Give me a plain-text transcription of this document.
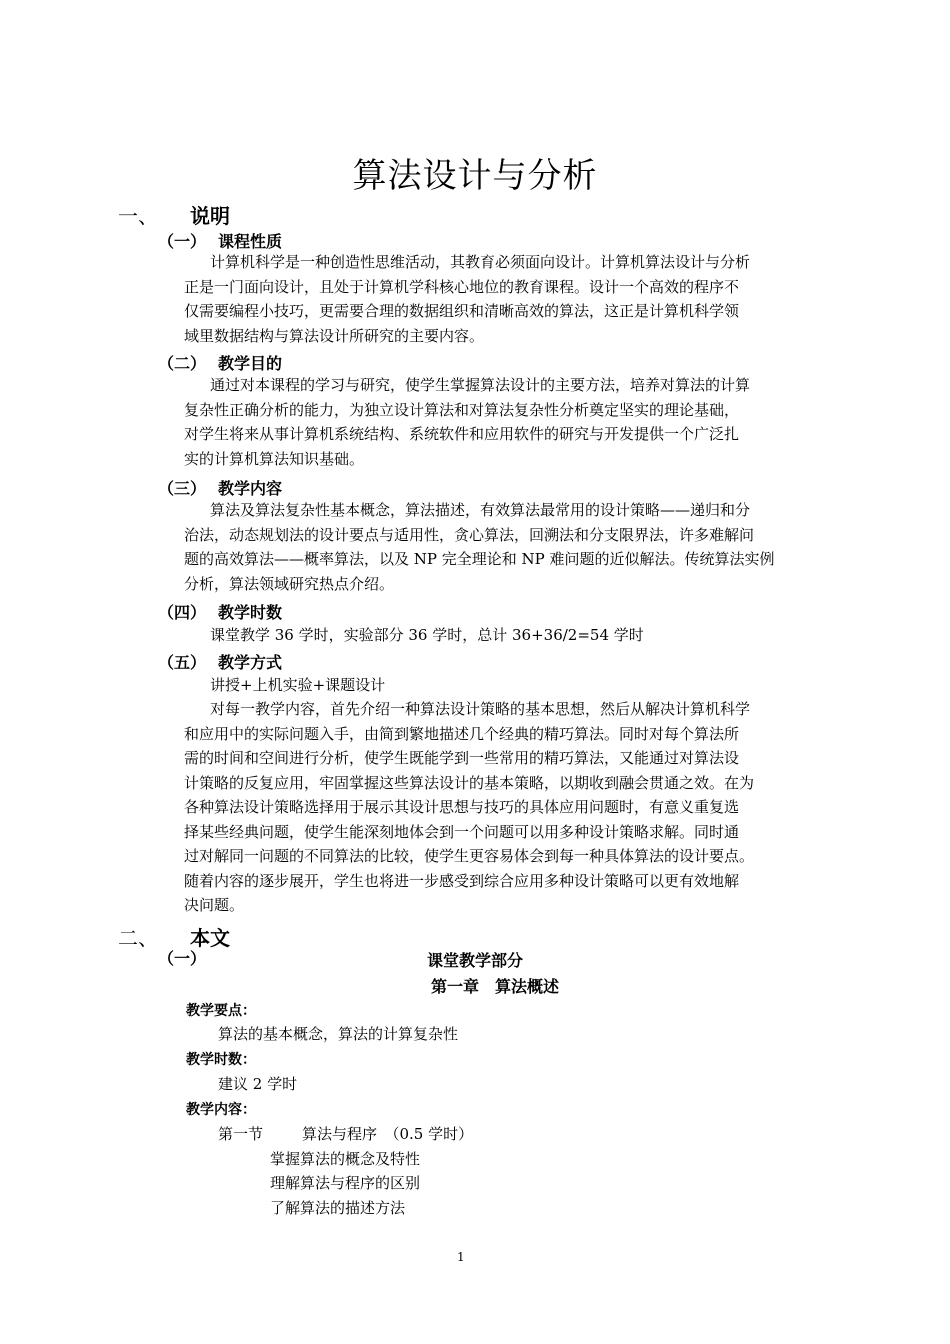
算法设计与分析
一、 说明
（一） 课程性质
计算机科学是一种创造性思维活动，其教育必须面向设计。计算机算法设计与分析
正是一门面向设计，且处于计算机学科核心地位的教育课程。设计一个高效的程序不
仅需要编程小技巧，更需要合理的数据组织和清晰高效的算法，这正是计算机科学领
域里数据结构与算法设计所研究的主要内容。
（二） 教学目的
通过对本课程的学习与研究，使学生掌握算法设计的主要方法，培养对算法的计算
复杂性正确分析的能力，为独立设计算法和对算法复杂性分析奠定坚实的理论基础，
对学生将来从事计算机系统结构、系统软件和应用软件的研究与开发提供一个广泛扎
实的计算机算法知识基础。
（三） 教学内容
算法及算法复杂性基本概念，算法描述，有效算法最常用的设计策略——递归和分
治法，动态规划法的设计要点与适用性，贪心算法，回溯法和分支限界法，许多难解问
题的高效算法——概率算法，以及 NP 完全理论和 NP 难问题的近似解法。传统算法实例
分析，算法领域研究热点介绍。
（四） 教学时数
课堂教学 36 学时，实验部分 36 学时，总计 36+36/2=54 学时
（五） 教学方式
讲授+上机实验+课题设计
对每一教学内容，首先介绍一种算法设计策略的基本思想，然后从解决计算机科学
和应用中的实际问题入手，由简到繁地描述几个经典的精巧算法。同时对每个算法所
需的时间和空间进行分析，使学生既能学到一些常用的精巧算法，又能通过对算法设
计策略的反复应用，牢固掌握这些算法设计的基本策略，以期收到融会贯通之效。在为
各种算法设计策略选择用于展示其设计思想与技巧的具体应用问题时，有意义重复选
择某些经典问题，使学生能深刻地体会到一个问题可以用多种设计策略求解。同时通
过对解同一问题的不同算法的比较，使学生更容易体会到每一种具体算法的设计要点。
随着内容的逐步展开，学生也将进一步感受到综合应用多种设计策略可以更有效地解
决问题。
二、 本文
（一）	课堂教学部分
第一章　算法概述
教学要点：
算法的基本概念，算法的计算复杂性
教学时数：
建议 2 学时
教学内容：
第一节	算法与程序　（0.5 学时）
掌握算法的概念及特性
理解算法与程序的区别
了解算法的描述方法
1
